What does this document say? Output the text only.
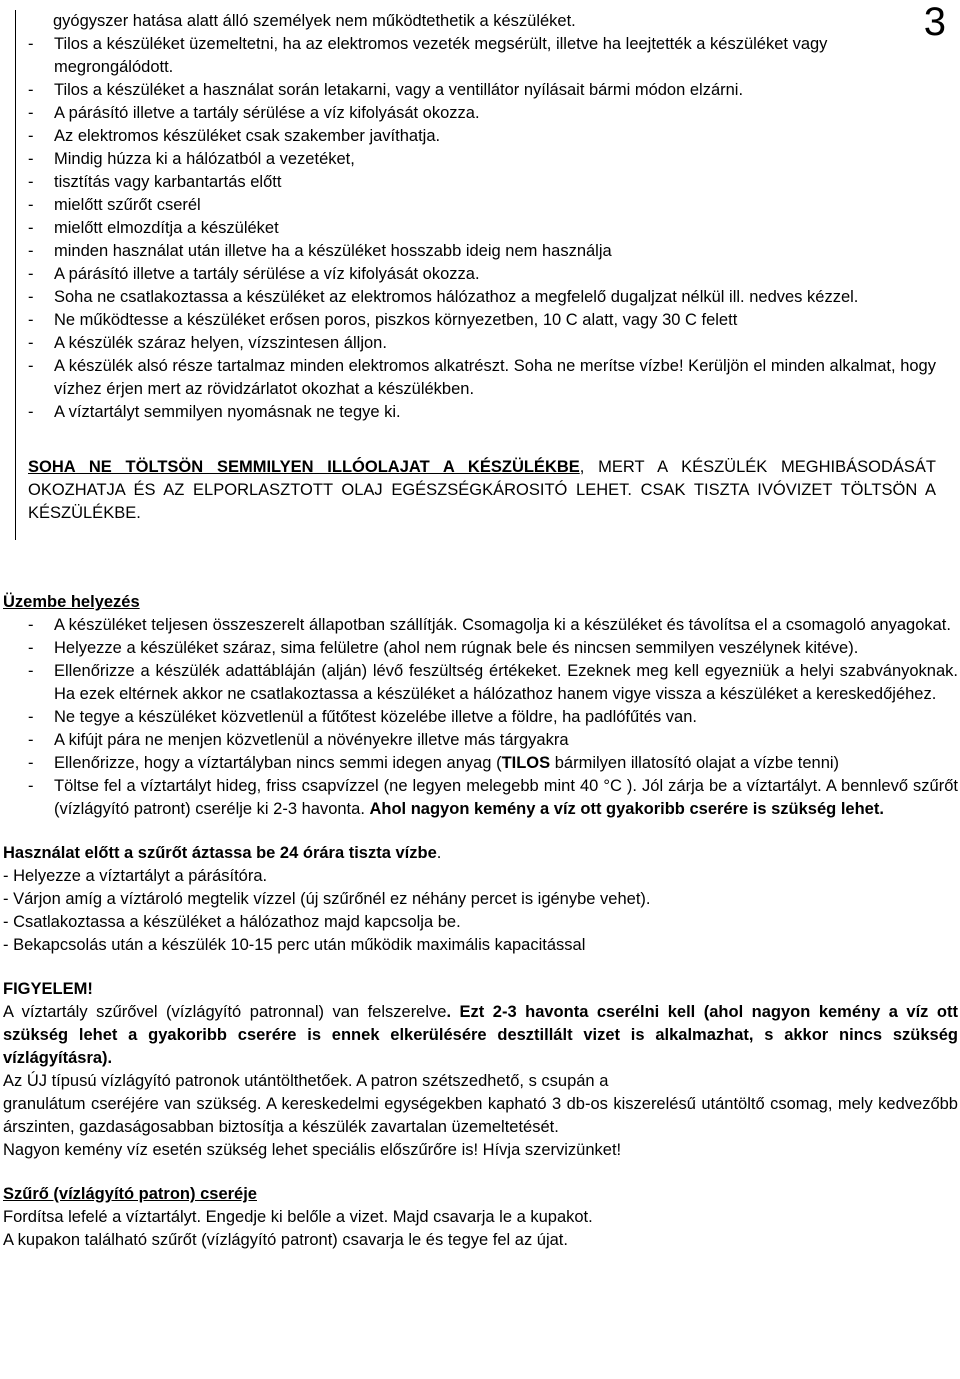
3
gyógyszer hatása alatt álló személyek nem működtethetik a készüléket.
-	Tilos a készüléket üzemeltetni, ha az elektromos vezeték megsérült, illetve ha leejtették a készüléket vagy megrongálódott.
-	Tilos a készüléket a használat során letakarni, vagy a ventillátor nyílásait bármi módon elzárni.
-	A párásító illetve a tartály sérülése a víz kifolyását okozza.
-	Az elektromos készüléket csak szakember javíthatja.
-	Mindig húzza ki a hálózatból a vezetéket,
-	tisztítás vagy karbantartás előtt
-	mielőtt szűrőt cserél
-	mielőtt elmozdítja a készüléket
-	minden használat után illetve ha a készüléket hosszabb ideig nem használja
-	A párásító illetve a tartály sérülése a víz kifolyását okozza.
-	Soha ne csatlakoztassa a készüléket az elektromos hálózathoz a megfelelő dugaljzat nélkül ill. nedves kézzel.
-	Ne működtesse a készüléket erősen poros, piszkos környezetben, 10 C alatt, vagy 30 C felett
-	A készülék száraz helyen, vízszintesen álljon.
-	A készülék alsó része tartalmaz minden elektromos alkatrészt. Soha ne merítse vízbe! Kerüljön el minden alkalmat, hogy vízhez érjen mert az rövidzárlatot okozhat a készülékben.
-	A víztartályt semmilyen nyomásnak ne tegye ki.
SOHA NE TÖLTSÖN SEMMILYEN ILLÓOLAJAT A KÉSZÜLÉKBE, MERT A KÉSZÜLÉK MEGHIBÁSODÁSÁT OKOZHATJA ÉS AZ ELPORLASZTOTT OLAJ EGÉSZSÉGKÁROSITÓ LEHET. CSAK TISZTA IVÓVIZET TÖLTSÖN A KÉSZÜLÉKBE.
Üzembe helyezés
-	A készüléket teljesen összeszerelt állapotban szállítják. Csomagolja ki a készüléket és távolítsa el a csomagoló anyagokat.
-	Helyezze a készüléket száraz, sima felületre (ahol nem rúgnak bele és nincsen semmilyen veszélynek kitéve).
-	Ellenőrizze a készülék adattábláján (alján) lévő feszültség értékeket. Ezeknek meg kell egyezniük a helyi szabványoknak. Ha ezek eltérnek akkor ne csatlakoztassa a készüléket a hálózathoz hanem vigye vissza a készüléket a kereskedőjéhez.
-	Ne tegye a készüléket közvetlenül a fűtőtest közelébe illetve a földre, ha padlófűtés van.
-	A kifújt pára ne menjen közvetlenül a növényekre illetve más tárgyakra
-	Ellenőrizze, hogy a víztartályban nincs semmi idegen anyag (TILOS bármilyen illatosító olajat a vízbe tenni)
-	Töltse fel a víztartályt hideg, friss csapvízzel (ne legyen melegebb mint 40 °C ). Jól zárja be a víztartályt. A bennlevő szűrőt (vízlágyító patront) cserélje ki 2-3 havonta. Ahol nagyon kemény a víz ott gyakoribb cserére is szükség lehet.
Használat előtt a szűrőt áztassa be 24 órára tiszta vízbe.
- Helyezze a víztartályt a párásítóra.
- Várjon amíg a víztároló megtelik vízzel (új szűrőnél ez néhány percet is igénybe vehet).
- Csatlakoztassa a készüléket a hálózathoz majd kapcsolja be.
- Bekapcsolás után a készülék 10-15 perc után működik maximális kapacitással
FIGYELEM!
A víztartály szűrővel (vízlágyító patronnal) van felszerelve. Ezt 2-3 havonta cserélni kell (ahol nagyon kemény a víz ott szükség lehet a gyakoribb cserére is ennek elkerülésére desztillált vizet is alkalmazhat, s akkor nincs szükség vízlágyításra).
Az ÚJ típusú vízlágyító patronok utántölthetőek. A patron szétszedhető, s csupán a
granulátum cseréjére van szükség. A kereskedelmi egységekben kapható 3 db-os kiszerelésű utántöltő csomag, mely kedvezőbb árszinten, gazdaságosabban biztosítja a készülék zavartalan üzemeltetését.
Nagyon kemény víz esetén szükség lehet speciális előszűrőre is! Hívja szervizünket!
Szűrő (vízlágyító patron) cseréje
Fordítsa lefelé a víztartályt. Engedje ki belőle a vizet. Majd csavarja le a kupakot.
A kupakon található szűrőt (vízlágyító patront) csavarja le és tegye fel az újat.
